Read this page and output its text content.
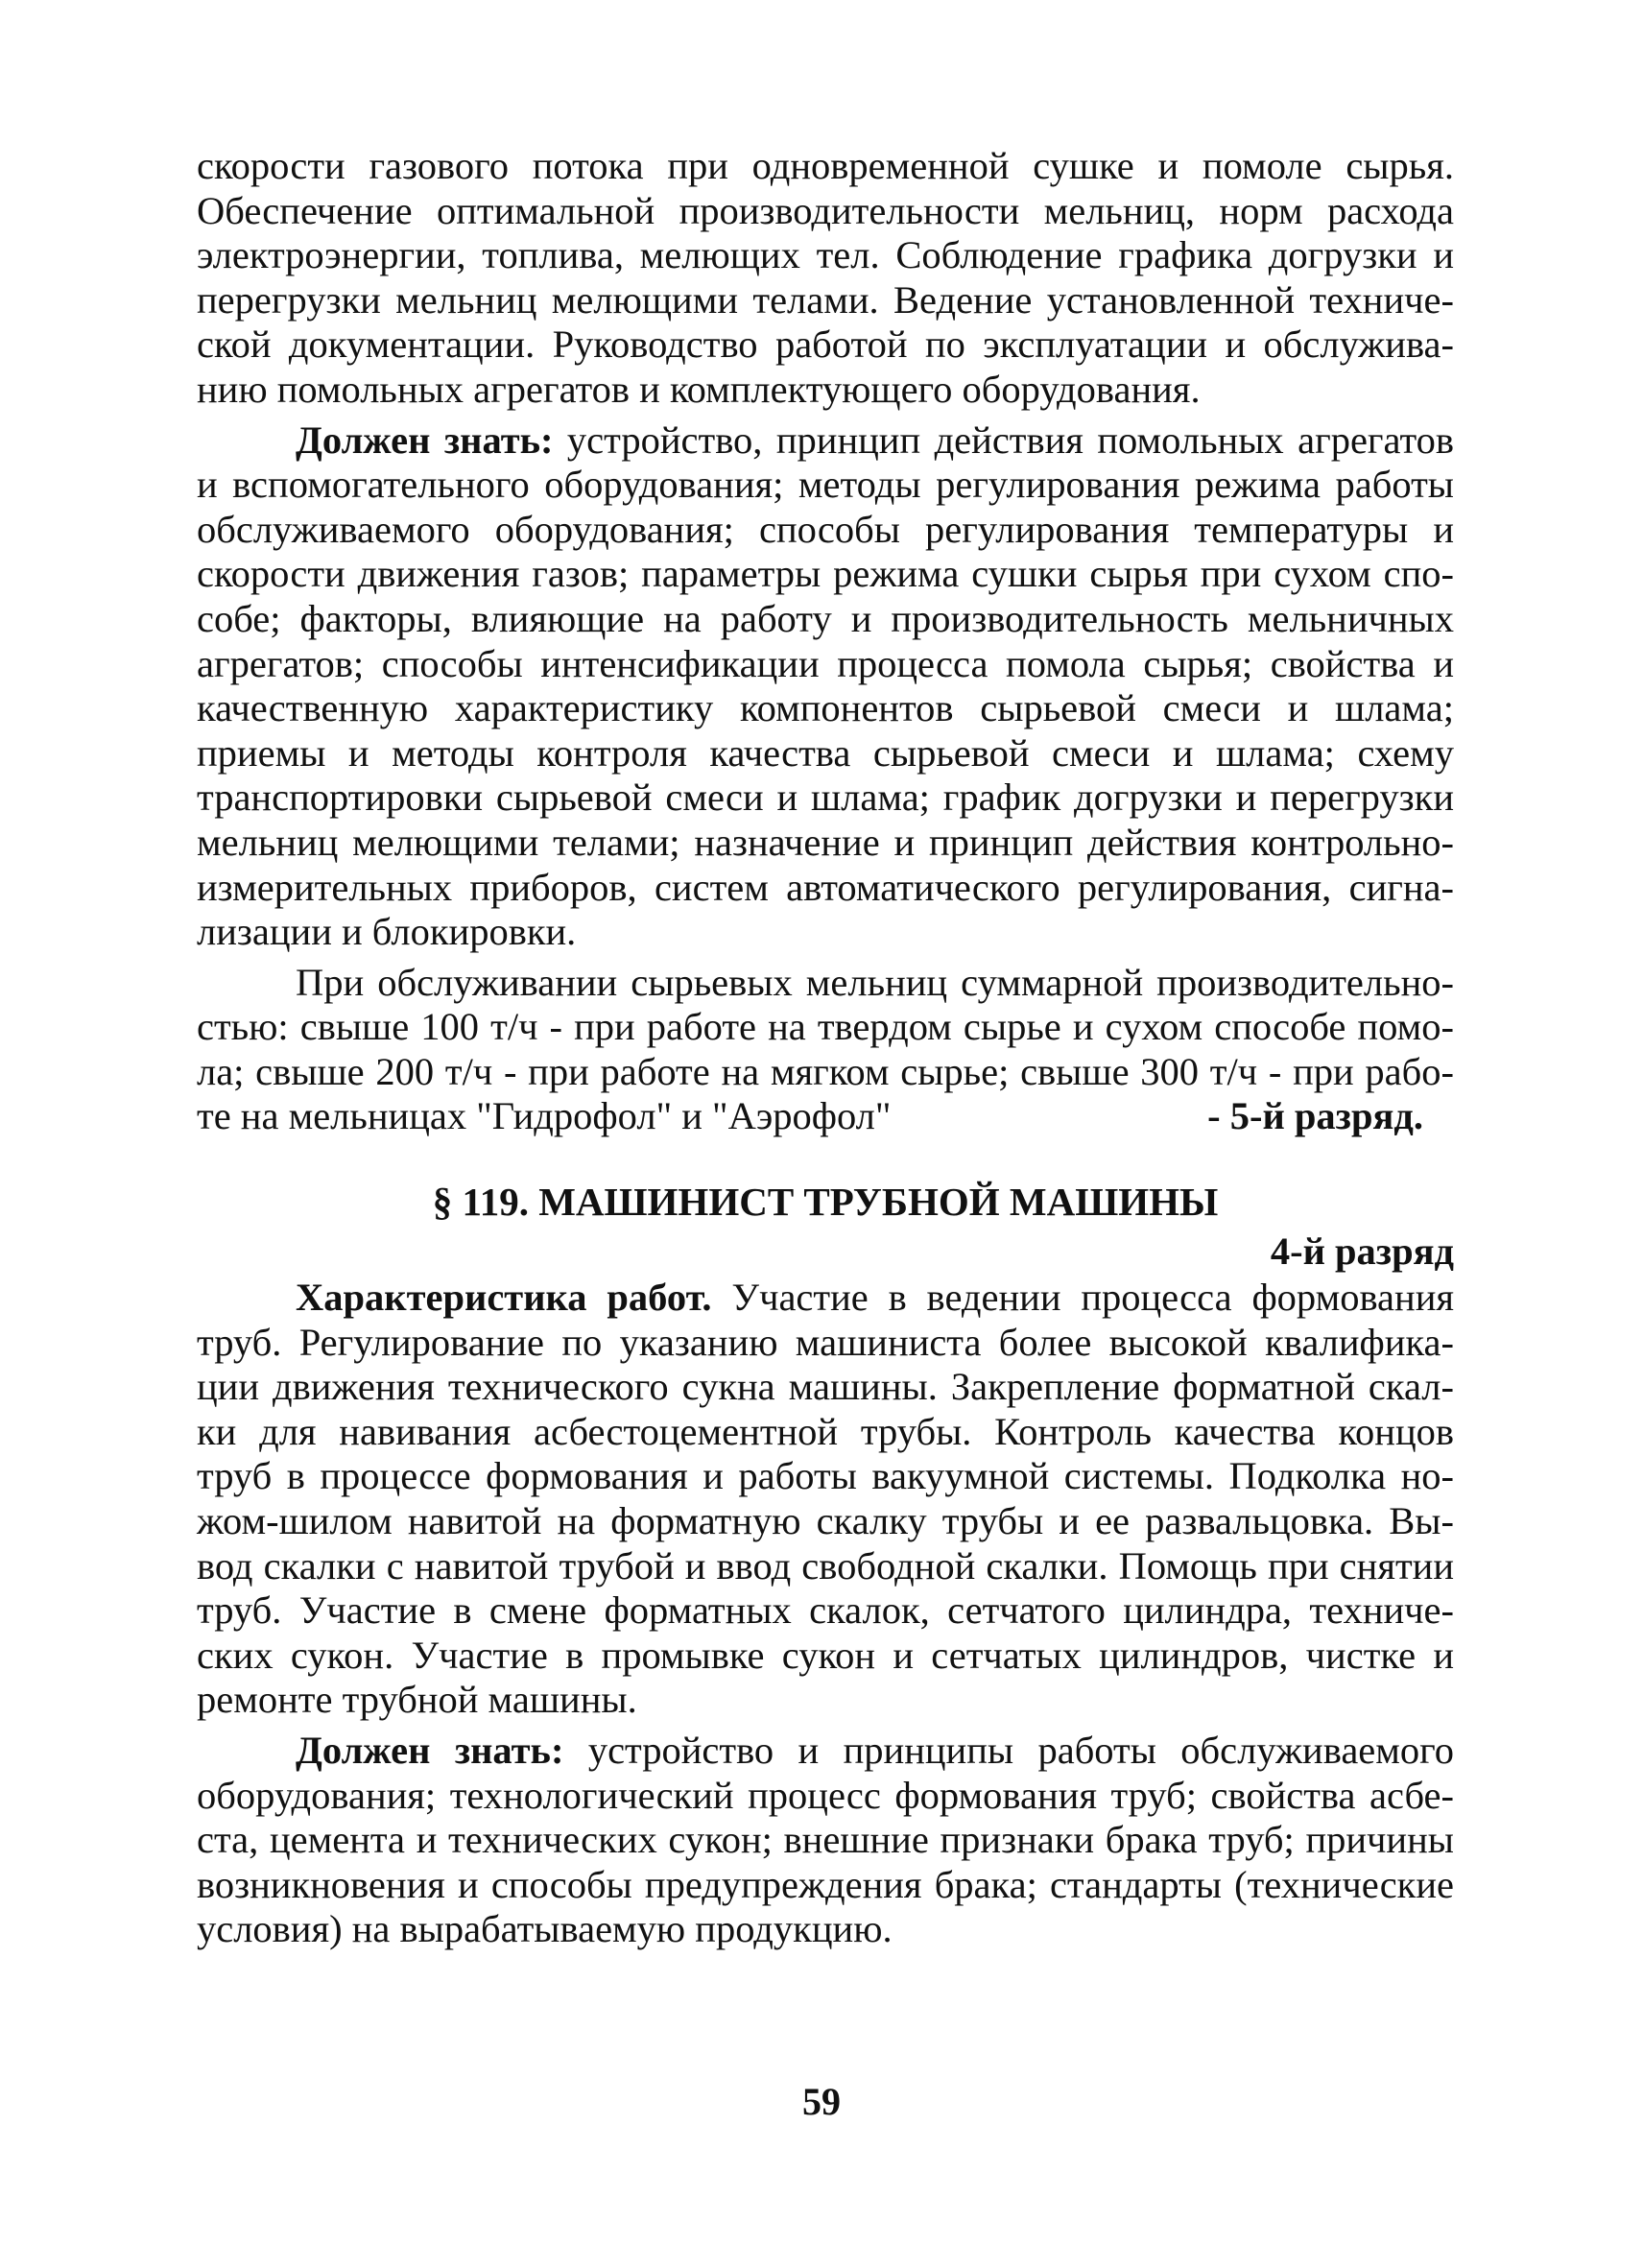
скорости газового потока при одновременной сушке и помоле сырья.
Обеспечение оптимальной производительности мельниц, норм расхода
электроэнергии, топлива, мелющих тел. Соблюдение графика догрузки и
перегрузки мельниц мелющими телами. Ведение установленной техниче-
ской документации. Руководство работой по эксплуатации и обслужива-
нию помольных агрегатов и комплектующего оборудования.
Должен знать: устройство, принцип действия помольных агрегатов
и вспомогательного оборудования; методы регулирования режима работы
обслуживаемого оборудования; способы регулирования температуры и
скорости движения газов; параметры режима сушки сырья при сухом спо-
собе; факторы, влияющие на работу и производительность мельничных
агрегатов; способы интенсификации процесса помола сырья; свойства и
качественную характеристику компонентов сырьевой смеси и шлама;
приемы и методы контроля качества сырьевой смеси и шлама; схему
транспортировки сырьевой смеси и шлама; график догрузки и перегрузки
мельниц мелющими телами; назначение и принцип действия контрольно-
измерительных приборов, систем автоматического регулирования, сигна-
лизации и блокировки.
При обслуживании сырьевых мельниц суммарной производительно-
стью: свыше 100 т/ч - при работе на твердом сырье и сухом способе помо-
ла; свыше 200 т/ч - при работе на мягком сырье; свыше 300 т/ч - при рабо-
те на мельницах "Гидрофол" и "Аэрофол"	- 5-й разряд.
§ 119. МАШИНИСТ ТРУБНОЙ МАШИНЫ
4-й разряд
Характеристика работ. Участие в ведении процесса формования
труб. Регулирование по указанию машиниста более высокой квалифика-
ции движения технического сукна машины. Закрепление форматной скал-
ки для навивания асбестоцементной трубы. Контроль качества концов
труб в процессе формования и работы вакуумной системы. Подколка но-
жом-шилом навитой на форматную скалку трубы и ее развальцовка. Вы-
вод скалки с навитой трубой и ввод свободной скалки. Помощь при снятии
труб. Участие в смене форматных скалок, сетчатого цилиндра, техниче-
ских сукон. Участие в промывке сукон и сетчатых цилиндров, чистке и
ремонте трубной машины.
Должен знать: устройство и принципы работы обслуживаемого
оборудования; технологический процесс формования труб; свойства асбе-
ста, цемента и технических сукон; внешние признаки брака труб; причины
возникновения и способы предупреждения брака; стандарты (технические
условия) на вырабатываемую продукцию.
59
